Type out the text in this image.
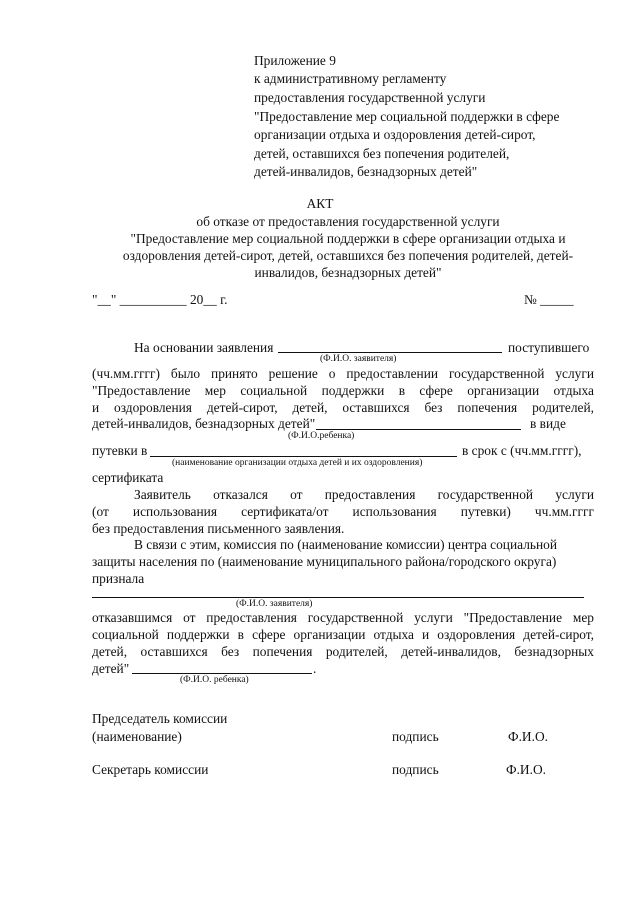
Приложение 9
к административному регламенту
предоставления государственной услуги
"Предоставление мер социальной поддержки в сфере
организации отдыха и оздоровления детей-сирот,
детей, оставшихся без попечения родителей,
детей-инвалидов, безнадзорных детей"
АКТ
об отказе от предоставления государственной услуги
"Предоставление мер социальной поддержки в сфере организации отдыха и
оздоровления детей-сирот, детей, оставшихся без попечения родителей, детей-
инвалидов, безнадзорных детей"
"__" __________ 20__ г.	№ _____
На основании заявления	поступившего
(Ф.И.О. заявителя)
(чч.мм.гггг) было принято решение о предоставлении государственной услуги
"Предоставление мер социальной поддержки в сфере организации отдыха
и оздоровления детей-сирот, детей, оставшихся без попечения родителей,
детей-инвалидов, безнадзорных детей"	в виде
(Ф.И.О.ребенка)
путевки в	в срок с (чч.мм.гггг),
(наименование организации отдыха детей и их оздоровления)
сертификата
Заявитель отказался от предоставления государственной услуги
(от использования сертификата/от использования путевки) чч.мм.гггг
без предоставления письменного заявления.
В связи с этим, комиссия по (наименование комиссии) центра социальной
защиты населения по (наименование муниципального района/городского округа)
признала
(Ф.И.О. заявителя)
отказавшимся от предоставления государственной услуги "Предоставление мер
социальной поддержки в сфере организации отдыха и оздоровления детей-сирот,
детей, оставшихся без попечения родителей, детей-инвалидов, безнадзорных
детей"	.
(Ф.И.О. ребенка)
Председатель комиссии
(наименование)	подпись	Ф.И.О.
Секретарь комиссии	подпись	Ф.И.О.
